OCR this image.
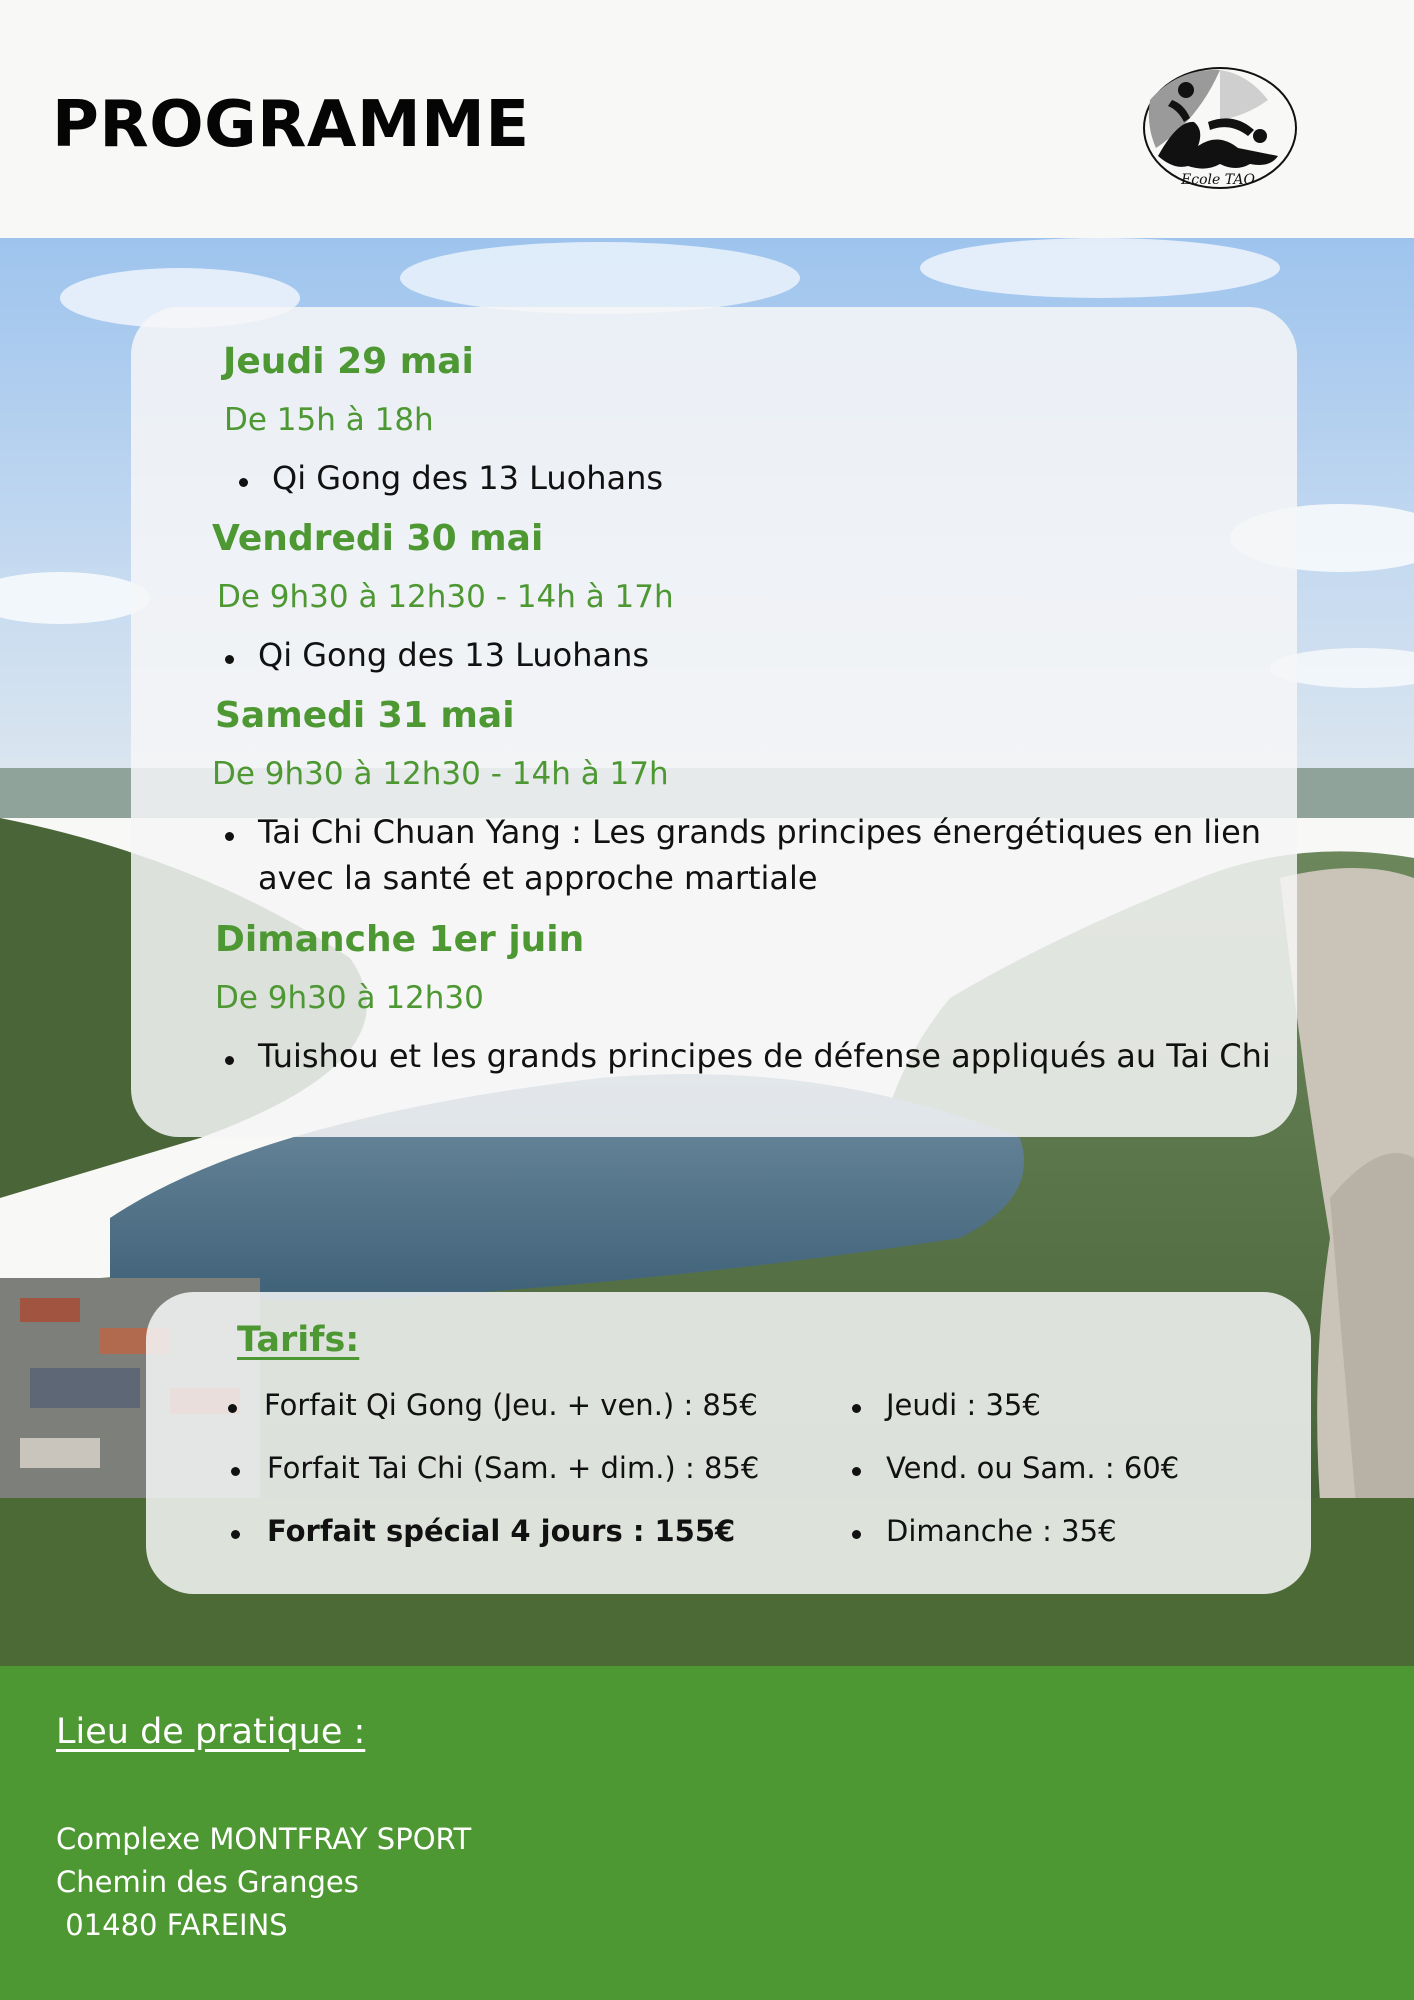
PROGRAMME
Ecole TAO

Jeudi 29 mai

De 15h à 18h

Qi Gong des 13 Luohans

Vendredi 30 mai

De 9h30 à 12h30 - 14h à 17h

Qi Gong des 13 Luohans

Samedi 31 mai

De 9h30 à 12h30 - 14h à 17h

Tai Chi Chuan Yang : Les grands principes énergétiques en lien

avec la santé et approche martiale

Dimanche 1er juin

De 9h30 à 12h30

Tuishou et les grands principes de défense appliqués au Tai Chi

Tarifs:

Forfait Qi Gong (Jeu. + ven.) : 85€

Forfait Tai Chi (Sam. + dim.) : 85€

Forfait spécial 4 jours : 155€

Jeudi : 35€

Vend. ou Sam. : 60€

Dimanche : 35€

Lieu de pratique :

Complexe MONTFRAY SPORT

Chemin des Granges

01480 FAREINS
